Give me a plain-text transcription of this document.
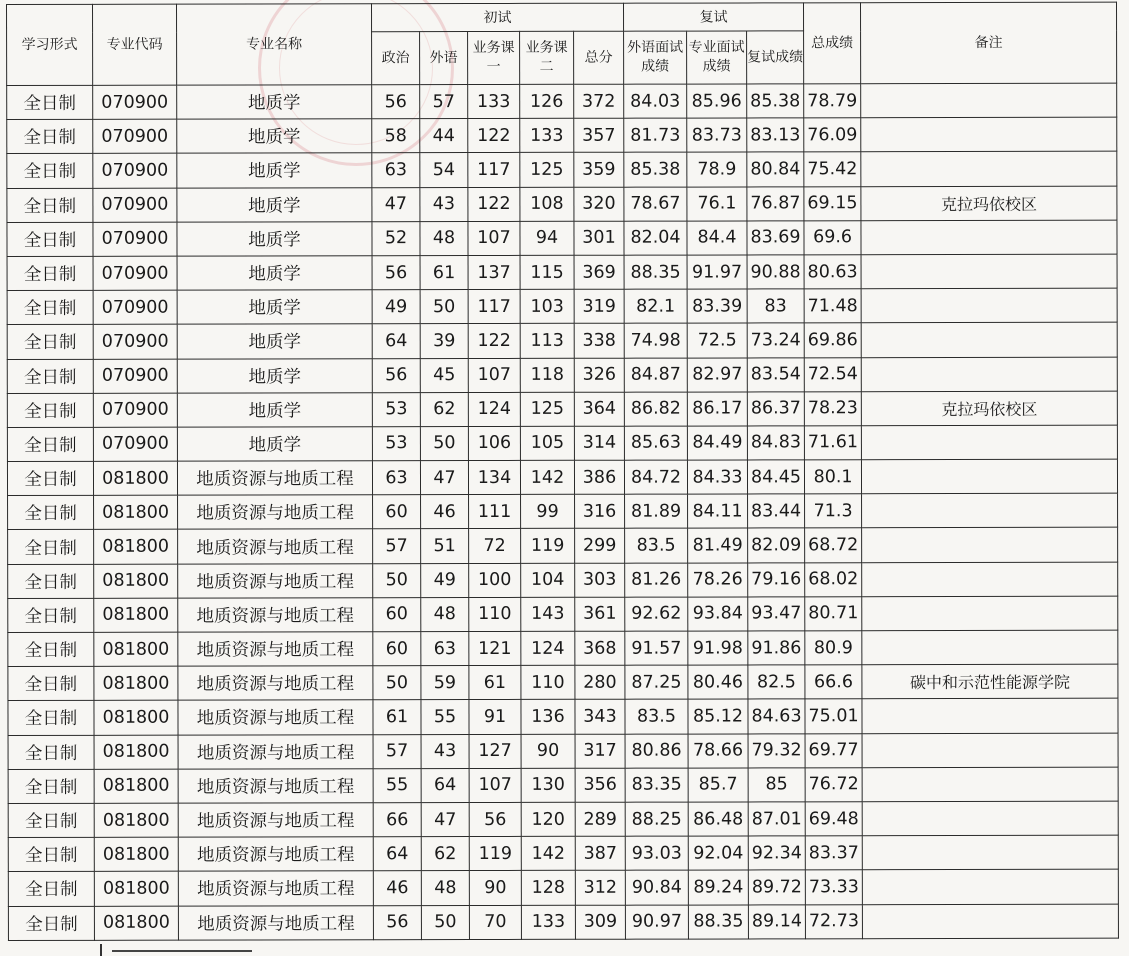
学习形式	专业代码	专业名称	初试					复试			总成绩	备注
			政治	外语	业务课一	业务课二	总分	外语面试成绩	专业面试成绩	复试成绩		
全日制	070900	地质学	56	57	133	126	372	84.03	85.96	85.38	78.79	
全日制	070900	地质学	58	44	122	133	357	81.73	83.73	83.13	76.09	
全日制	070900	地质学	63	54	117	125	359	85.38	78.9	80.84	75.42	
全日制	070900	地质学	47	43	122	108	320	78.67	76.1	76.87	69.15	克拉玛依校区
全日制	070900	地质学	52	48	107	94	301	82.04	84.4	83.69	69.6	
全日制	070900	地质学	56	61	137	115	369	88.35	91.97	90.88	80.63	
全日制	070900	地质学	49	50	117	103	319	82.1	83.39	83	71.48	
全日制	070900	地质学	64	39	122	113	338	74.98	72.5	73.24	69.86	
全日制	070900	地质学	56	45	107	118	326	84.87	82.97	83.54	72.54	
全日制	070900	地质学	53	62	124	125	364	86.82	86.17	86.37	78.23	克拉玛依校区
全日制	070900	地质学	53	50	106	105	314	85.63	84.49	84.83	71.61	
全日制	081800	地质资源与地质工程	63	47	134	142	386	84.72	84.33	84.45	80.1	
全日制	081800	地质资源与地质工程	60	46	111	99	316	81.89	84.11	83.44	71.3	
全日制	081800	地质资源与地质工程	57	51	72	119	299	83.5	81.49	82.09	68.72	
全日制	081800	地质资源与地质工程	50	49	100	104	303	81.26	78.26	79.16	68.02	
全日制	081800	地质资源与地质工程	60	48	110	143	361	92.62	93.84	93.47	80.71	
全日制	081800	地质资源与地质工程	60	63	121	124	368	91.57	91.98	91.86	80.9	
全日制	081800	地质资源与地质工程	50	59	61	110	280	87.25	80.46	82.5	66.6	碳中和示范性能源学院
全日制	081800	地质资源与地质工程	61	55	91	136	343	83.5	85.12	84.63	75.01	
全日制	081800	地质资源与地质工程	57	43	127	90	317	80.86	78.66	79.32	69.77	
全日制	081800	地质资源与地质工程	55	64	107	130	356	83.35	85.7	85	76.72	
全日制	081800	地质资源与地质工程	66	47	56	120	289	88.25	86.48	87.01	69.48	
全日制	081800	地质资源与地质工程	64	62	119	142	387	93.03	92.04	92.34	83.37	
全日制	081800	地质资源与地质工程	46	48	90	128	312	90.84	89.24	89.72	73.33	
全日制	081800	地质资源与地质工程	56	50	70	133	309	90.97	88.35	89.14	72.73	
